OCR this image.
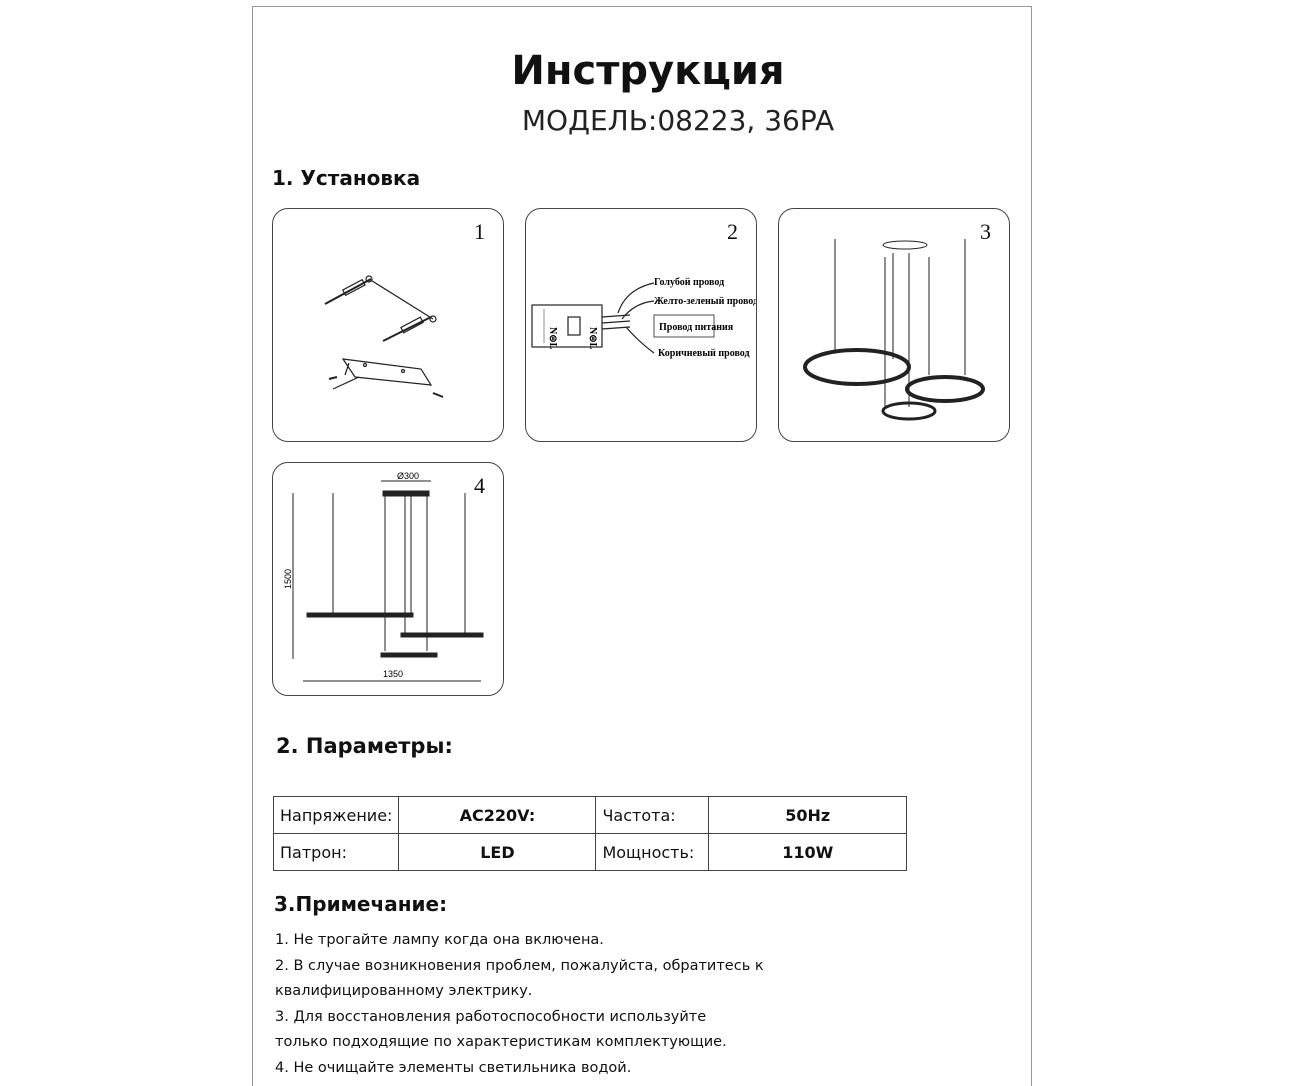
Инструкция
МОДЕЛЬ:08223, 36PA
1. Установка
1	2
N⊜L	N⊜L
Голубой провод
Желто-зеленый провод
Провод питания
Коричневый провод
3
4
Ø300
1500
1350
2. Параметры:
Напряжение:	AC220V:	Частота:	50Hz
Патрон:	LED	Мощность:	110W
3.Примечание:
1. Не трогайте лампу когда она включена.
2. В случае возникновения проблем, пожалуйста, обратитесь к
квалифицированному электрику.
3. Для восстановления работоспособности используйте
только подходящие по характеристикам комплектующие.
4. Не очищайте элементы светильника водой.
